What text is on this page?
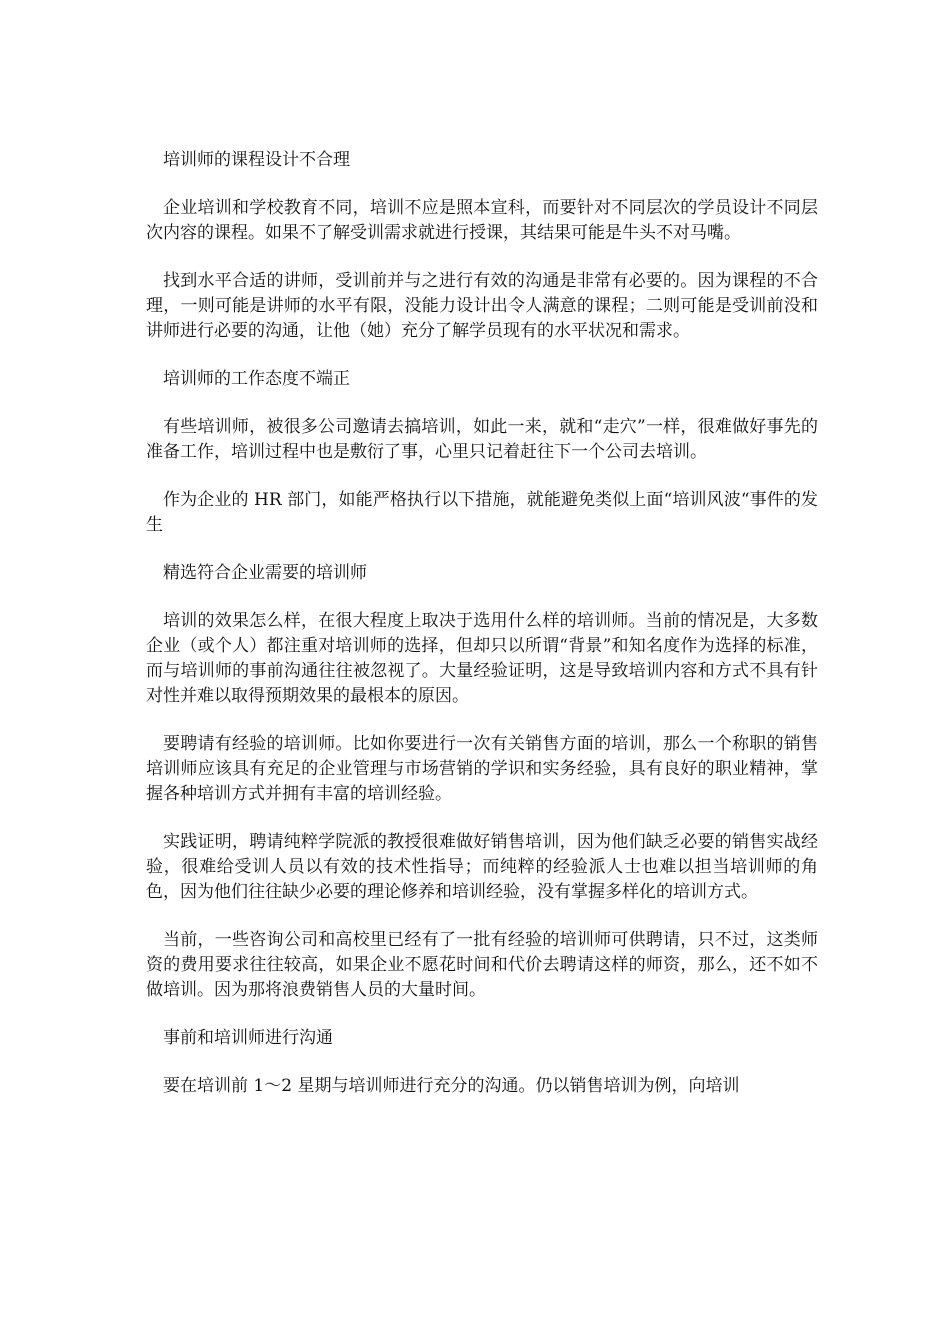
培训师的课程设计不合理

企业培训和学校教育不同，培训不应是照本宣科，而要针对不同层次的学员设计不同层次内容的课程。如果不了解受训需求就进行授课，其结果可能是牛头不对马嘴。

找到水平合适的讲师，受训前并与之进行有效的沟通是非常有必要的。因为课程的不合理，一则可能是讲师的水平有限，没能力设计出令人满意的课程；二则可能是受训前没和讲师进行必要的沟通，让他（她）充分了解学员现有的水平状况和需求。

培训师的工作态度不端正

有些培训师，被很多公司邀请去搞培训，如此一来，就和“走穴”一样，很难做好事先的准备工作，培训过程中也是敷衍了事，心里只记着赶往下一个公司去培训。

作为企业的 HR 部门，如能严格执行以下措施，就能避免类似上面“培训风波“事件的发生

精选符合企业需要的培训师

培训的效果怎么样，在很大程度上取决于选用什么样的培训师。当前的情况是，大多数企业（或个人）都注重对培训师的选择，但却只以所谓“背景”和知名度作为选择的标准，而与培训师的事前沟通往往被忽视了。大量经验证明，这是导致培训内容和方式不具有针对性并难以取得预期效果的最根本的原因。

要聘请有经验的培训师。比如你要进行一次有关销售方面的培训，那么一个称职的销售培训师应该具有充足的企业管理与市场营销的学识和实务经验，具有良好的职业精神，掌握各种培训方式并拥有丰富的培训经验。

实践证明，聘请纯粹学院派的教授很难做好销售培训，因为他们缺乏必要的销售实战经验，很难给受训人员以有效的技术性指导；而纯粹的经验派人士也难以担当培训师的角色，因为他们往往缺少必要的理论修养和培训经验，没有掌握多样化的培训方式。

当前，一些咨询公司和高校里已经有了一批有经验的培训师可供聘请，只不过，这类师资的费用要求往往较高，如果企业不愿花时间和代价去聘请这样的师资，那么，还不如不做培训。因为那将浪费销售人员的大量时间。

事前和培训师进行沟通

要在培训前 1～2 星期与培训师进行充分的沟通。仍以销售培训为例，向培训
